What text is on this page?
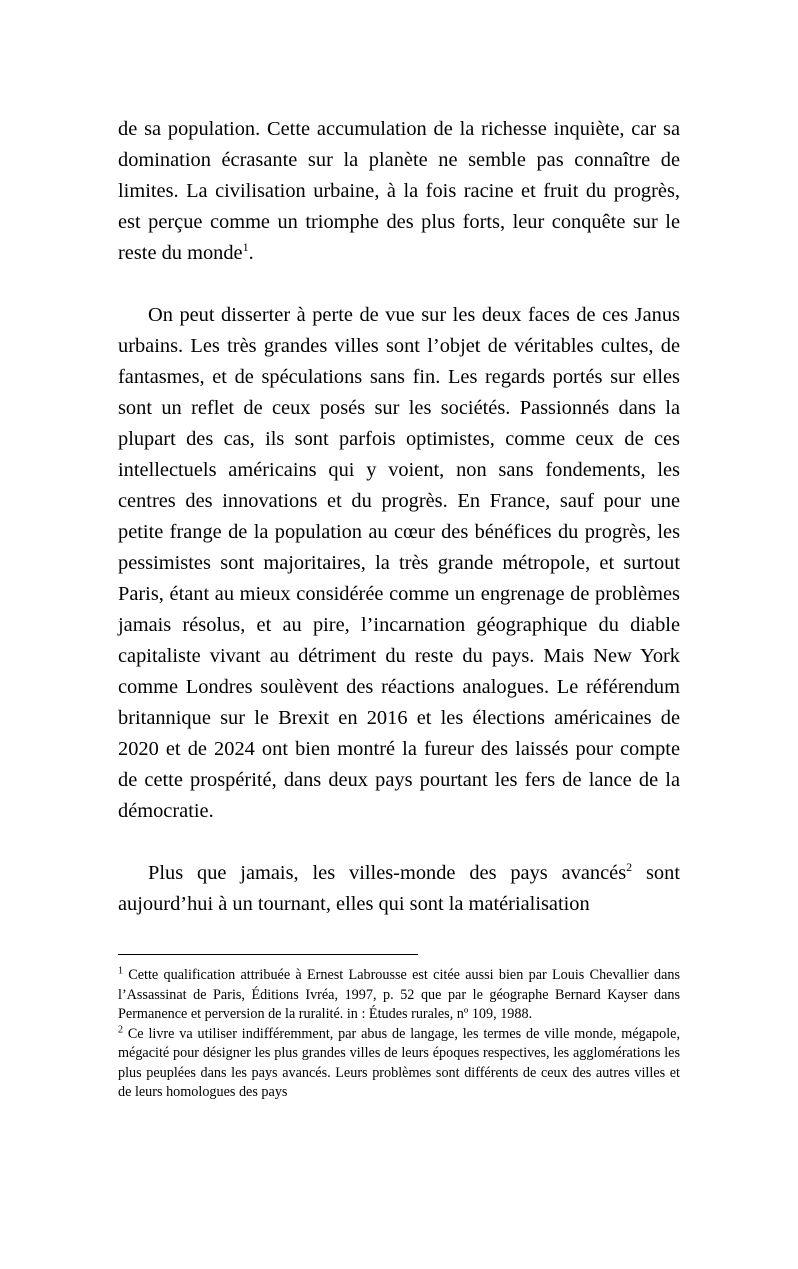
de sa population. Cette accumulation de la richesse inquiète, car sa domination écrasante sur la planète ne semble pas connaître de limites. La civilisation urbaine, à la fois racine et fruit du progrès, est perçue comme un triomphe des plus forts, leur conquête sur le reste du monde$^1$.

On peut disserter à perte de vue sur les deux faces de ces Janus urbains. Les très grandes villes sont l’objet de véritables cultes, de fantasmes, et de spéculations sans fin. Les regards portés sur elles sont un reflet de ceux posés sur les sociétés. Passionnés dans la plupart des cas, ils sont parfois optimistes, comme ceux de ces intellectuels américains qui y voient, non sans fondements, les centres des innovations et du progrès. En France, sauf pour une petite frange de la population au cœur des bénéfices du progrès, les pessimistes sont majoritaires, la très grande métropole, et surtout Paris, étant au mieux considérée comme un engrenage de problèmes jamais résolus, et au pire, l’incarnation géographique du diable capitaliste vivant au détriment du reste du pays. Mais New York comme Londres soulèvent des réactions analogues. Le référendum britannique sur le Brexit en 2016 et les élections américaines de 2020 et de 2024 ont bien montré la fureur des laissés pour compte de cette prospérité, dans deux pays pourtant les fers de lance de la démocratie.

Plus que jamais, les villes-monde des pays avancés$^2$ sont aujourd’hui à un tournant, elles qui sont la matérialisation

$^1$ Cette qualification attribuée à Ernest Labrousse est citée aussi bien par Louis Chevallier dans l’Assassinat de Paris, Éditions Ivréa, 1997, p. 52 que par le géographe Bernard Kayser dans Permanence et perversion de la ruralité. in : Études rurales, nº 109, 1988.

$^2$ Ce livre va utiliser indifféremment, par abus de langage, les termes de ville monde, mégapole, mégacité pour désigner les plus grandes villes de leurs époques respectives, les agglomérations les plus peuplées dans les pays avancés. Leurs problèmes sont différents de ceux des autres villes et de leurs homologues des pays
